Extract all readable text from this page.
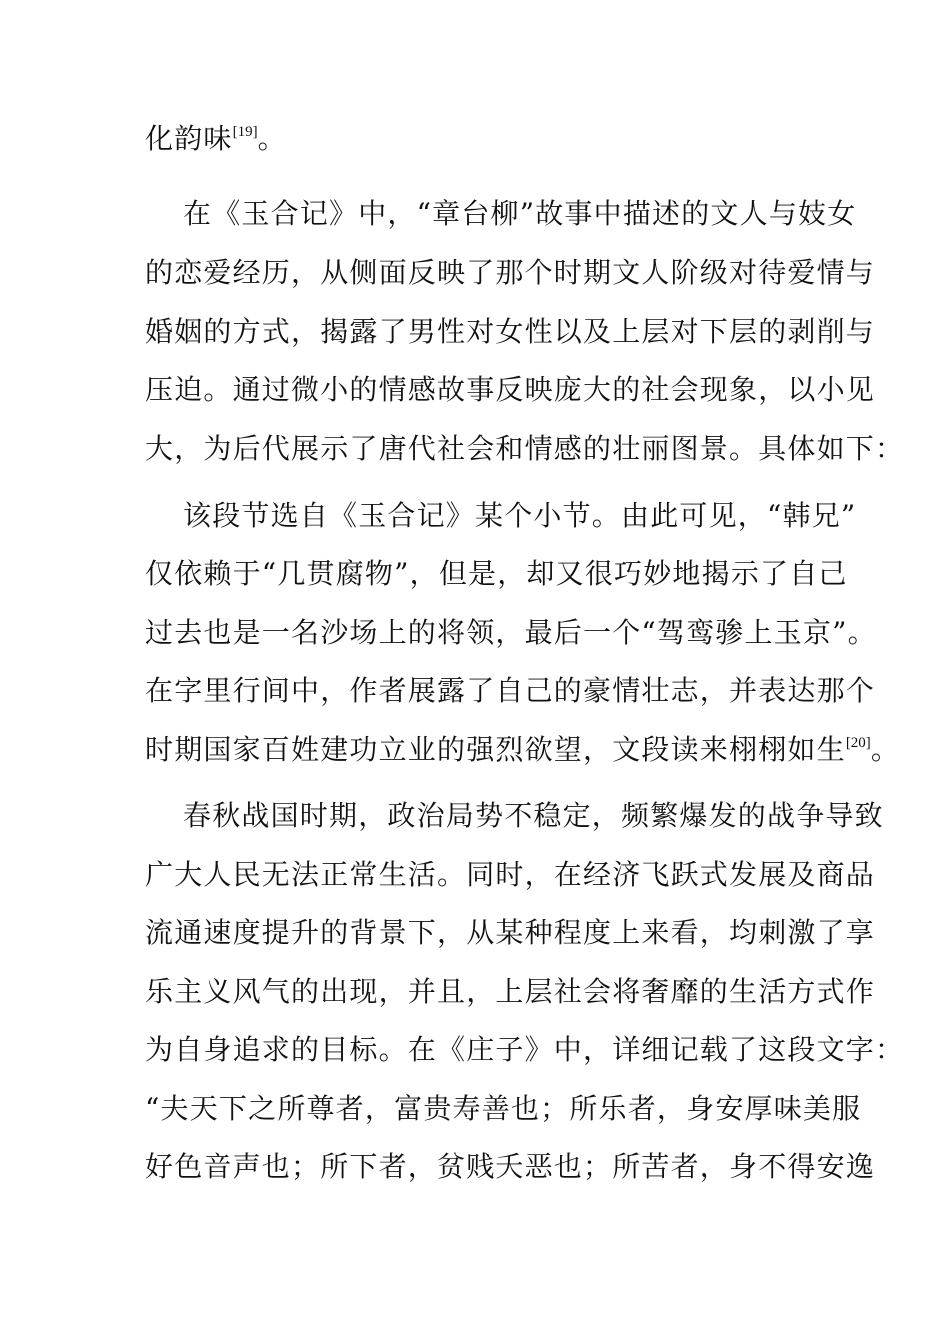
化韵味[19]。
在《玉合记》中，“章台柳”故事中描述的文人与妓女
的恋爱经历，从侧面反映了那个时期文人阶级对待爱情与
婚姻的方式，揭露了男性对女性以及上层对下层的剥削与
压迫。通过微小的情感故事反映庞大的社会现象，以小见
大，为后代展示了唐代社会和情感的壮丽图景。具体如下：
该段节选自《玉合记》某个小节。由此可见，“韩兄”
仅依赖于“几贯腐物”，但是，却又很巧妙地揭示了自己
过去也是一名沙场上的将领，最后一个“驾鸾骖上玉京”。
在字里行间中，作者展露了自己的豪情壮志，并表达那个
时期国家百姓建功立业的强烈欲望，文段读来栩栩如生[20]。
春秋战国时期，政治局势不稳定，频繁爆发的战争导致
广大人民无法正常生活。同时，在经济飞跃式发展及商品
流通速度提升的背景下，从某种程度上来看，均刺激了享
乐主义风气的出现，并且，上层社会将奢靡的生活方式作
为自身追求的目标。在《庄子》中，详细记载了这段文字：
“夫天下之所尊者，富贵寿善也；所乐者，身安厚味美服
好色音声也；所下者，贫贱夭恶也；所苦者，身不得安逸
